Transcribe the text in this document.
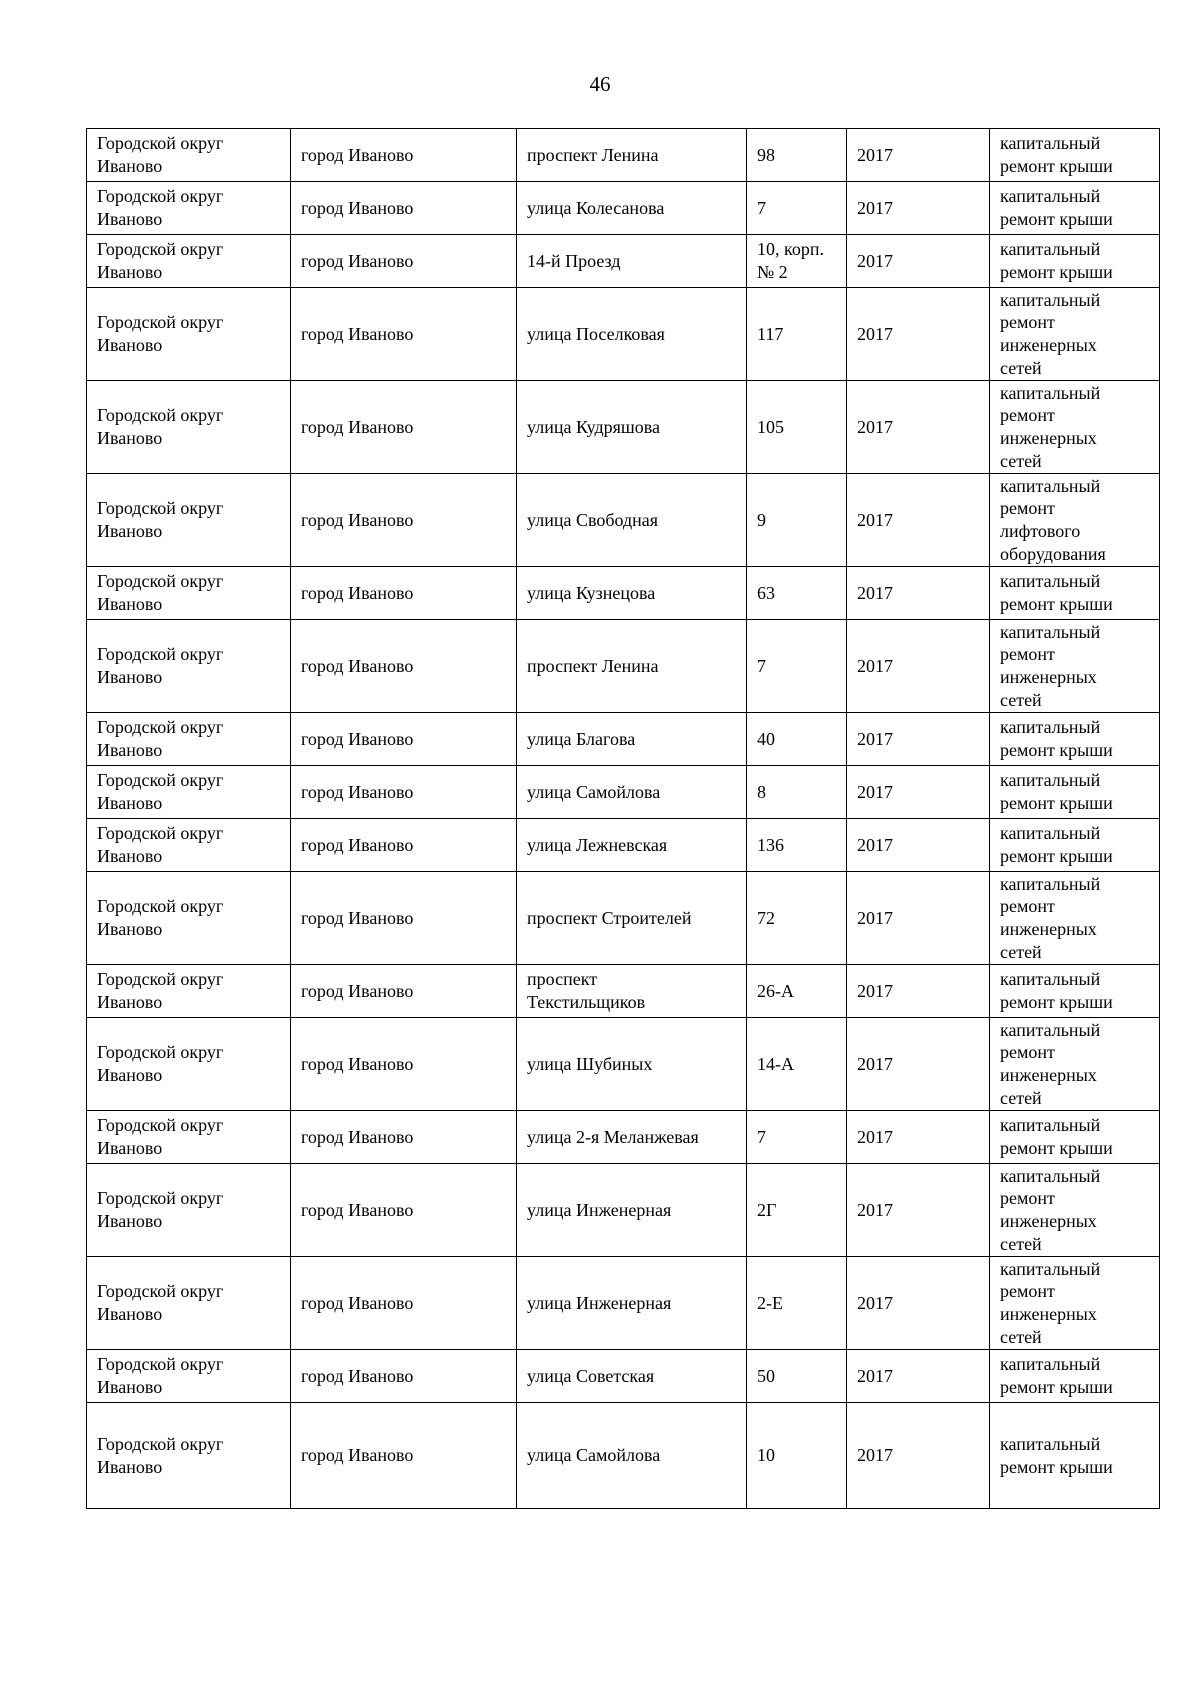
46
Городской округ
Иваново	город Иваново	проспект Ленина	98	2017	капитальный
ремонт крыши

Городской округ
Иваново	город Иваново	улица Колесанова	7	2017	капитальный
ремонт крыши

Городской округ
Иваново	город Иваново	14-й Проезд	10, корп.
№ 2	2017	капитальный
ремонт крыши

Городской округ
Иваново	город Иваново	улица Поселковая	117	2017	капитальный
ремонт
инженерных
сетей

Городской округ
Иваново	город Иваново	улица Кудряшова	105	2017	капитальный
ремонт
инженерных
сетей

Городской округ
Иваново	город Иваново	улица Свободная	9	2017	капитальный
ремонт
лифтового
оборудования

Городской округ
Иваново	город Иваново	улица Кузнецова	63	2017	капитальный
ремонт крыши

Городской округ
Иваново	город Иваново	проспект Ленина	7	2017	капитальный
ремонт
инженерных
сетей

Городской округ
Иваново	город Иваново	улица Благова	40	2017	капитальный
ремонт крыши

Городской округ
Иваново	город Иваново	улица Самойлова	8	2017	капитальный
ремонт крыши

Городской округ
Иваново	город Иваново	улица Лежневская	136	2017	капитальный
ремонт крыши

Городской округ
Иваново	город Иваново	проспект Строителей	72	2017	капитальный
ремонт
инженерных
сетей

Городской округ
Иваново	город Иваново	проспект
Текстильщиков	26-А	2017	капитальный
ремонт крыши

Городской округ
Иваново	город Иваново	улица Шубиных	14-А	2017	капитальный
ремонт
инженерных
сетей

Городской округ
Иваново	город Иваново	улица 2-я Меланжевая	7	2017	капитальный
ремонт крыши

Городской округ
Иваново	город Иваново	улица Инженерная	2Г	2017	капитальный
ремонт
инженерных
сетей

Городской округ
Иваново	город Иваново	улица Инженерная	2-Е	2017	капитальный
ремонт
инженерных
сетей

Городской округ
Иваново	город Иваново	улица Советская	50	2017	капитальный
ремонт крыши

Городской округ
Иваново	город Иваново	улица Самойлова	10	2017	капитальный
ремонт крыши
